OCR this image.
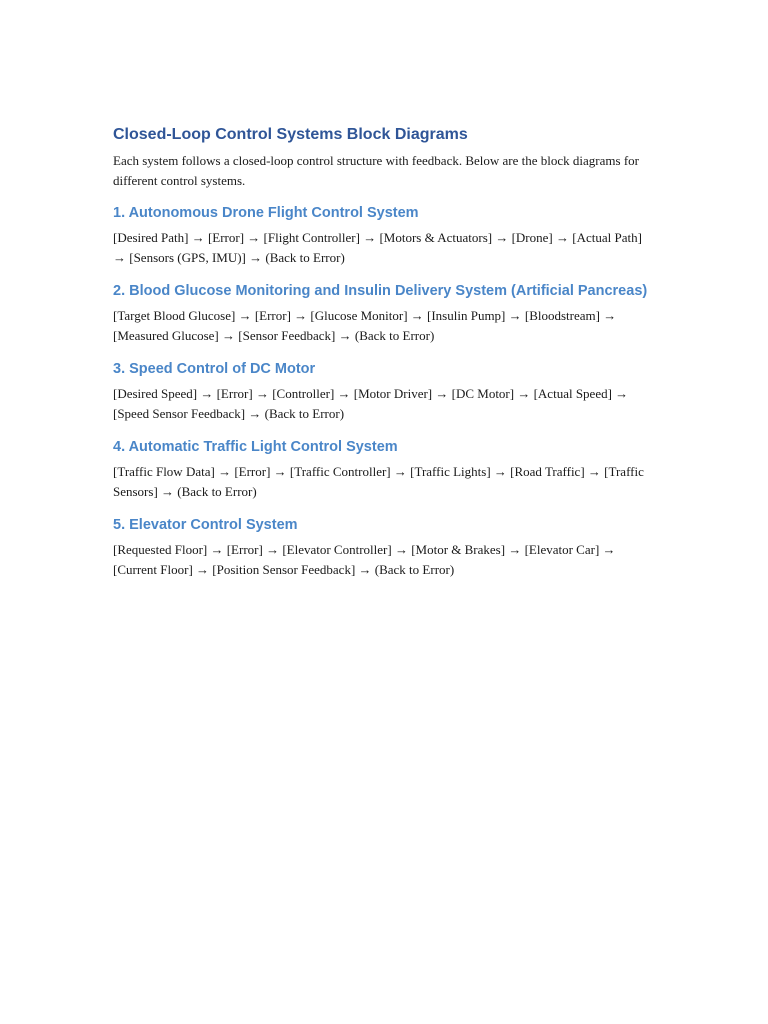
Closed-Loop Control Systems Block Diagrams

Each system follows a closed-loop control structure with feedback. Below are the block diagrams for different control systems.

1. Autonomous Drone Flight Control System

[Desired Path] → [Error] → [Flight Controller] → [Motors & Actuators] → [Drone] → [Actual Path] → [Sensors (GPS, IMU)] → (Back to Error)

2. Blood Glucose Monitoring and Insulin Delivery System (Artificial Pancreas)

[Target Blood Glucose] → [Error] → [Glucose Monitor] → [Insulin Pump] → [Bloodstream] → [Measured Glucose] → [Sensor Feedback] → (Back to Error)

3. Speed Control of DC Motor

[Desired Speed] → [Error] → [Controller] → [Motor Driver] → [DC Motor] → [Actual Speed] → [Speed Sensor Feedback] → (Back to Error)

4. Automatic Traffic Light Control System

[Traffic Flow Data] → [Error] → [Traffic Controller] → [Traffic Lights] → [Road Traffic] → [Traffic Sensors] → (Back to Error)

5. Elevator Control System

[Requested Floor] → [Error] → [Elevator Controller] → [Motor & Brakes] → [Elevator Car] → [Current Floor] → [Position Sensor Feedback] → (Back to Error)
